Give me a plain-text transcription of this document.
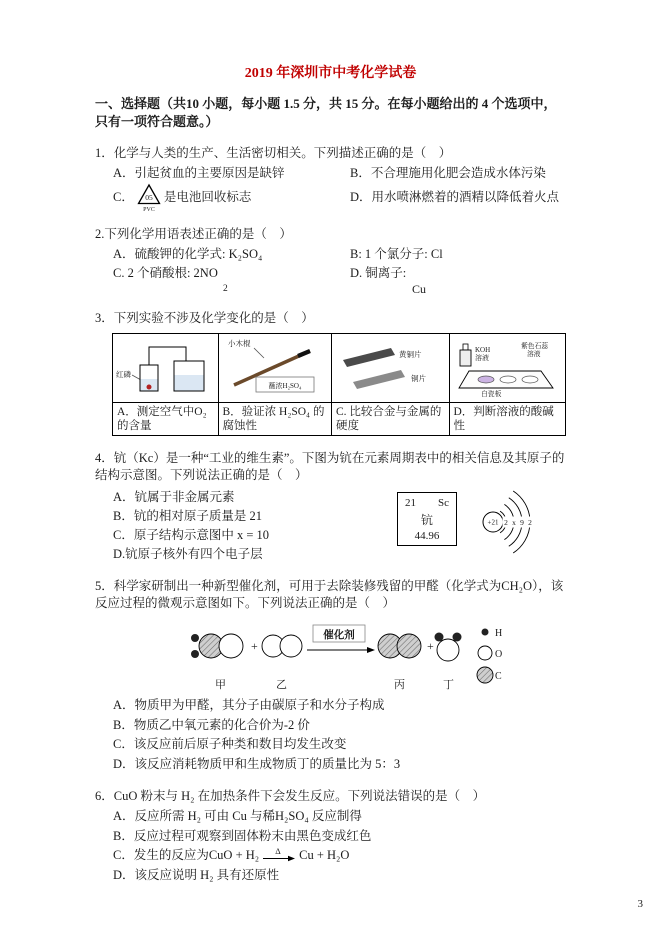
2019 年深圳市中考化学试卷
一、选择题（共10 小题，每小题 1.5 分，共 15 分。在每小题给出的 4 个选项中，只有一项符合题意。）
1．化学与人类的生产、生活密切相关。下列描述正确的是（　）
A．引起贫血的主要原因是缺锌	B．不合理施用化肥会造成水体污染
C． 05
PVC
是电池回收标志	D．用水喷淋燃着的酒精以降低着火点
2.下列化学用语表述正确的是（　）
A．硫酸钾的化学式: K₂SO₄	B: 1 个氯分子: Cl
C. 2 个硝酸根: 2NO	D. 铜离子:
2	Cu
3．下列实验不涉及化学变化的是（　）
红磷	小木棍
蘸浓H₂SO₄	黄铜片
铜片	KOH
溶液
紫色石蕊
溶液
白瓷板

A．测定空气中O₂ 的含量	B．验证浓 H₂SO₄ 的腐蚀性	C. 比较合金与金属的硬度	D．判断溶液的酸碱性
4．钪（Kc）是一种“工业的维生素”。下图为钪在元素周期表中的相关信息及其原子的结构示意图。下列说法正确的是（　）
A．钪属于非金属元素
B．钪的相对原子质量是 21
C．原子结构示意图中 x = 10
D.钪原子核外有四个电子层
21 Sc
钪
44.96
+21 2 x 9 2
5．科学家研制出一种新型催化剂，可用于去除装修残留的甲醛（化学式为CH₂O），该反应过程的微观示意图如下。下列说法正确的是（　）
+
催化剂
+
H
O
C
甲	乙	丙	丁
A．物质甲为甲醛，其分子由碳原子和水分子构成
B．物质乙中氧元素的化合价为-2 价
C．该反应前后原子种类和数目均发生改变
D．该反应消耗物质甲和生成物质丁的质量比为 5：3
6．CuO 粉末与 H₂ 在加热条件下会发生反应。下列说法错误的是（　）
A．反应所需 H₂ 可由 Cu 与稀H₂SO₄ 反应制得
B．反应过程可观察到固体粉末由黑色变成红色
C．发生的反应为CuO + H₂ Δ Cu + H₂O
D．该反应说明 H₂ 具有还原性
3
